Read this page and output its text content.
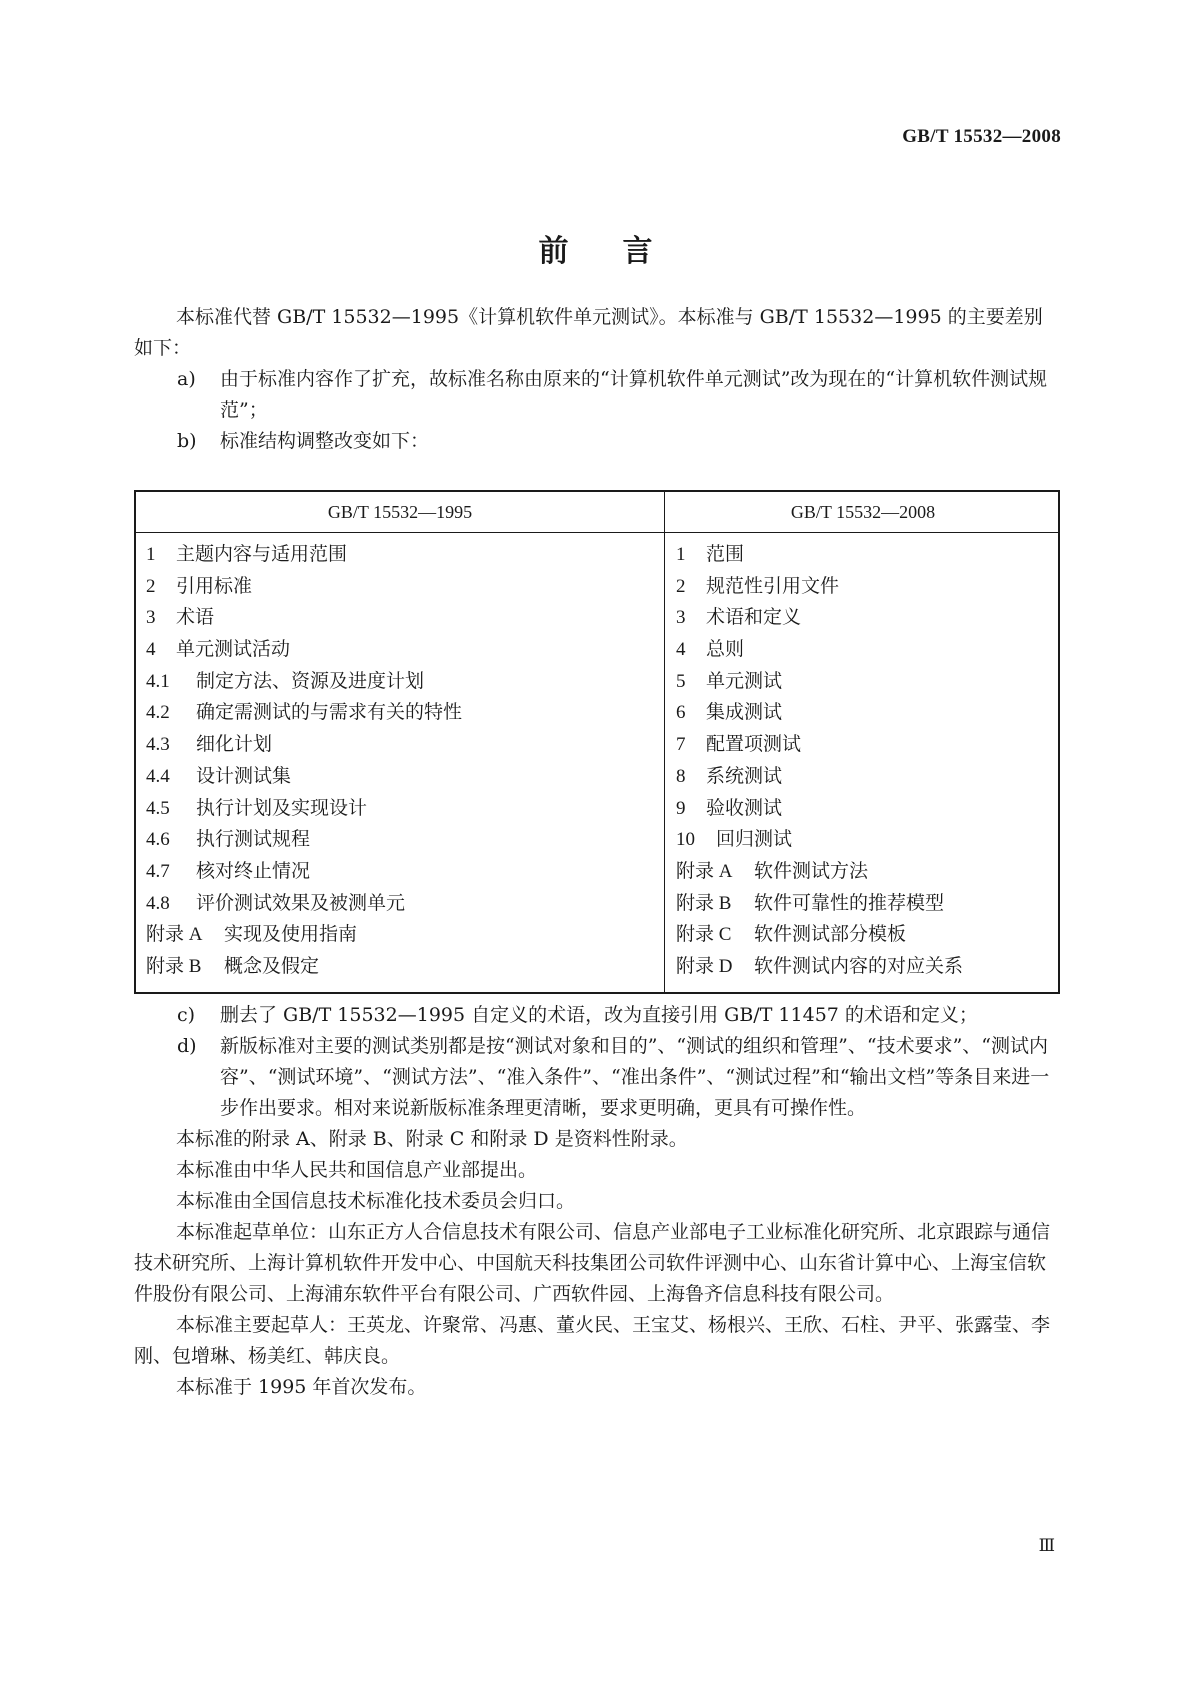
GB/T 15532—2008
前言

本标准代替 GB/T 15532—1995《计算机软件单元测试》。本标准与 GB/T 15532—1995 的主要差别如下：

a) 由于标准内容作了扩充，故标准名称由原来的“计算机软件单元测试”改为现在的“计算机软件测试规范”；
b) 标准结构调整改变如下：
GB/T 15532—1995	GB/T 15532—2008
1 主题内容与适用范围
2 引用标准
3 术语
4 单元测试活动
4.1 制定方法、资源及进度计划
4.2 确定需测试的与需求有关的特性
4.3 细化计划
4.4 设计测试集
4.5 执行计划及实现设计
4.6 执行测试规程
4.7 核对终止情况
4.8 评价测试效果及被测单元
附录 A 实现及使用指南
附录 B 概念及假定
1 范围
2 规范性引用文件
3 术语和定义
4 总则
5 单元测试
6 集成测试
7 配置项测试
8 系统测试
9 验收测试
10 回归测试
附录 A 软件测试方法
附录 B 软件可靠性的推荐模型
附录 C 软件测试部分模板
附录 D 软件测试内容的对应关系
c) 删去了 GB/T 15532—1995 自定义的术语，改为直接引用 GB/T 11457 的术语和定义；
d) 新版标准对主要的测试类别都是按“测试对象和目的”、“测试的组织和管理”、“技术要求”、“测试内容”、“测试环境”、“测试方法”、“准入条件”、“准出条件”、“测试过程”和“输出文档”等条目来进一步作出要求。相对来说新版标准条理更清晰，要求更明确，更具有可操作性。

本标准的附录 A、附录 B、附录 C 和附录 D 是资料性附录。

本标准由中华人民共和国信息产业部提出。

本标准由全国信息技术标准化技术委员会归口。

本标准起草单位：山东正方人合信息技术有限公司、信息产业部电子工业标准化研究所、北京跟踪与通信技术研究所、上海计算机软件开发中心、中国航天科技集团公司软件评测中心、山东省计算中心、上海宝信软件股份有限公司、上海浦东软件平台有限公司、广西软件园、上海鲁齐信息科技有限公司。

本标准主要起草人：王英龙、许聚常、冯惠、董火民、王宝艾、杨根兴、王欣、石柱、尹平、张露莹、李刚、包增琳、杨美红、韩庆良。

本标准于 1995 年首次发布。

Ⅲ
